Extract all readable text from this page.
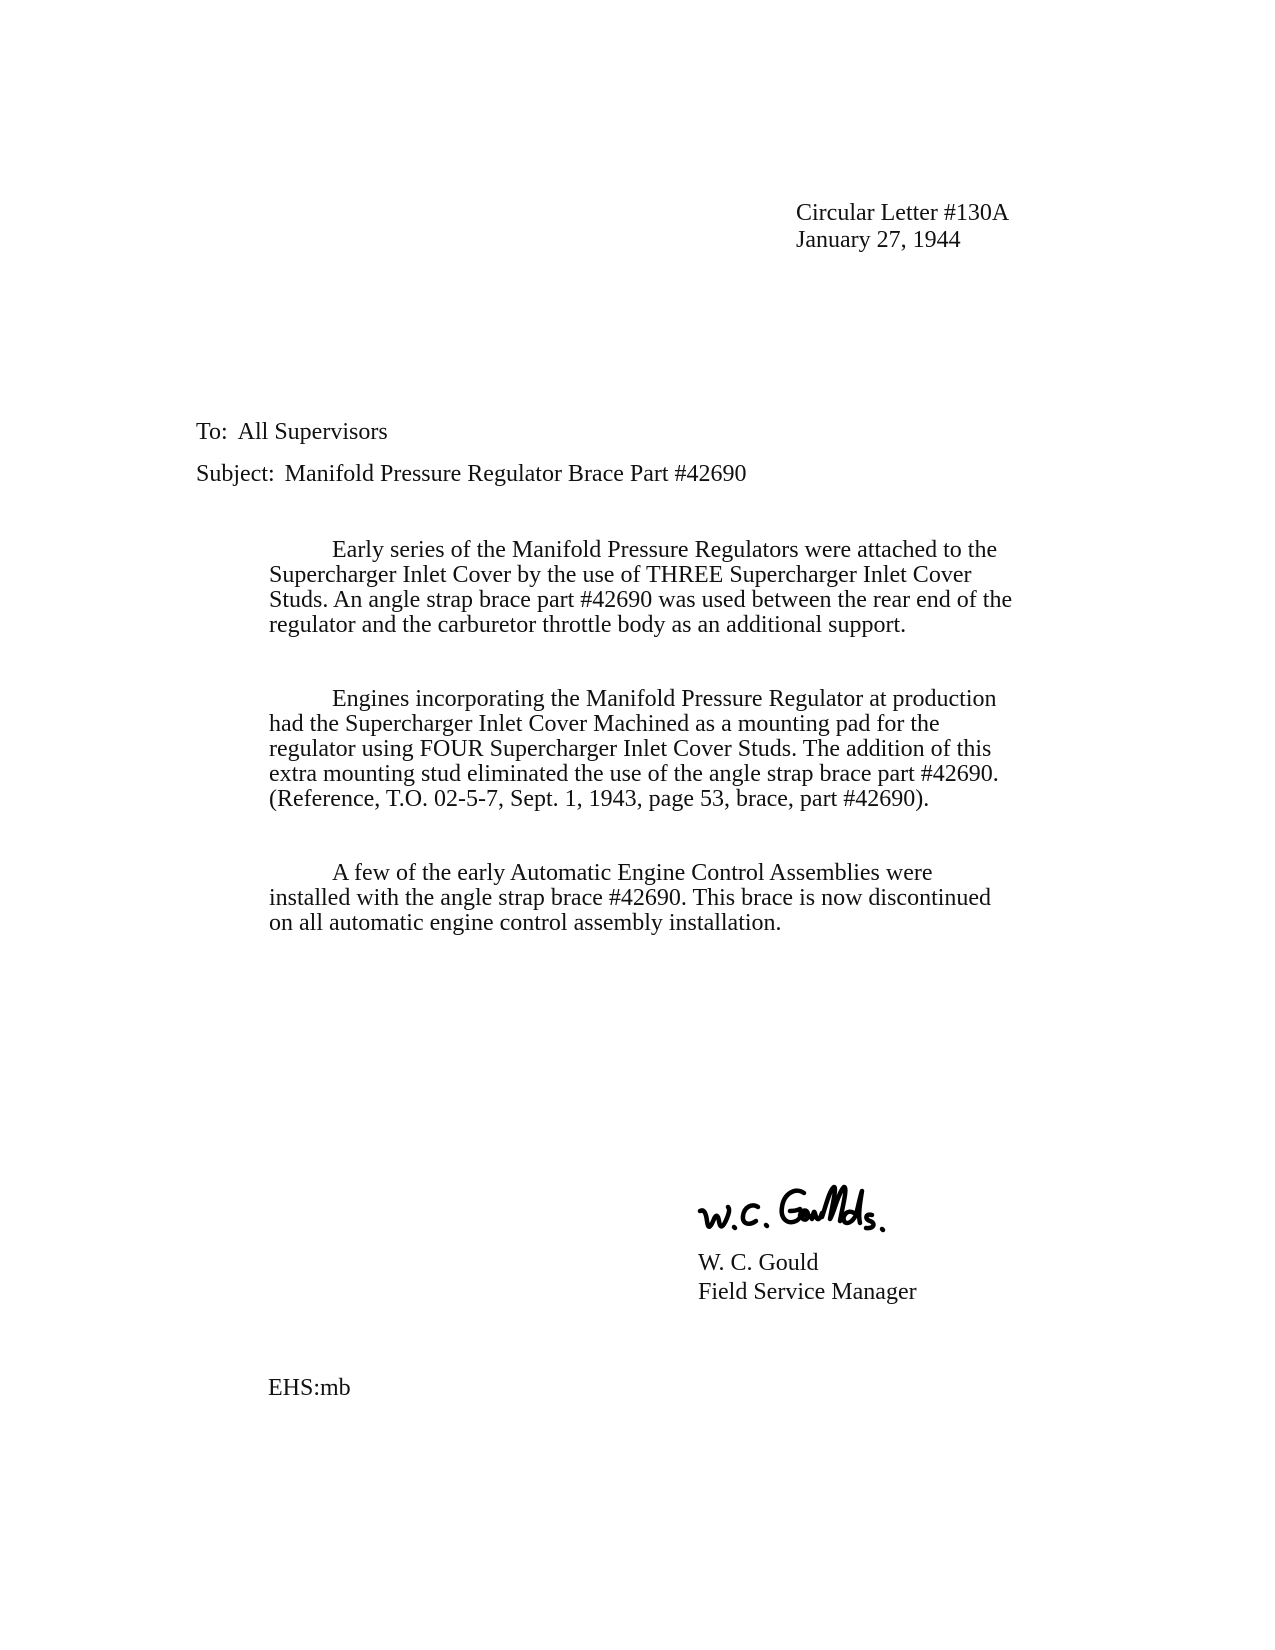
Circular Letter #130A
January 27, 1944
To: All Supervisors
Subject: Manifold Pressure Regulator Brace Part #42690

Early series of the Manifold Pressure Regulators were attached to the Supercharger Inlet Cover by the use of THREE Supercharger Inlet Cover Studs. An angle strap brace part #42690 was used between the rear end of the regulator and the carburetor throttle body as an additional support.

Engines incorporating the Manifold Pressure Regulator at production had the Supercharger Inlet Cover Machined as a mounting pad for the regulator using FOUR Supercharger Inlet Cover Studs. The addition of this extra mounting stud eliminated the use of the angle strap brace part #42690. (Reference, T.O. 02-5-7, Sept. 1, 1943, page 53, brace, part #42690).

A few of the early Automatic Engine Control Assemblies were installed with the angle strap brace #42690. This brace is now discontinued on all automatic engine control assembly installation.

W. C. Gould
Field Service Manager
EHS:mb
